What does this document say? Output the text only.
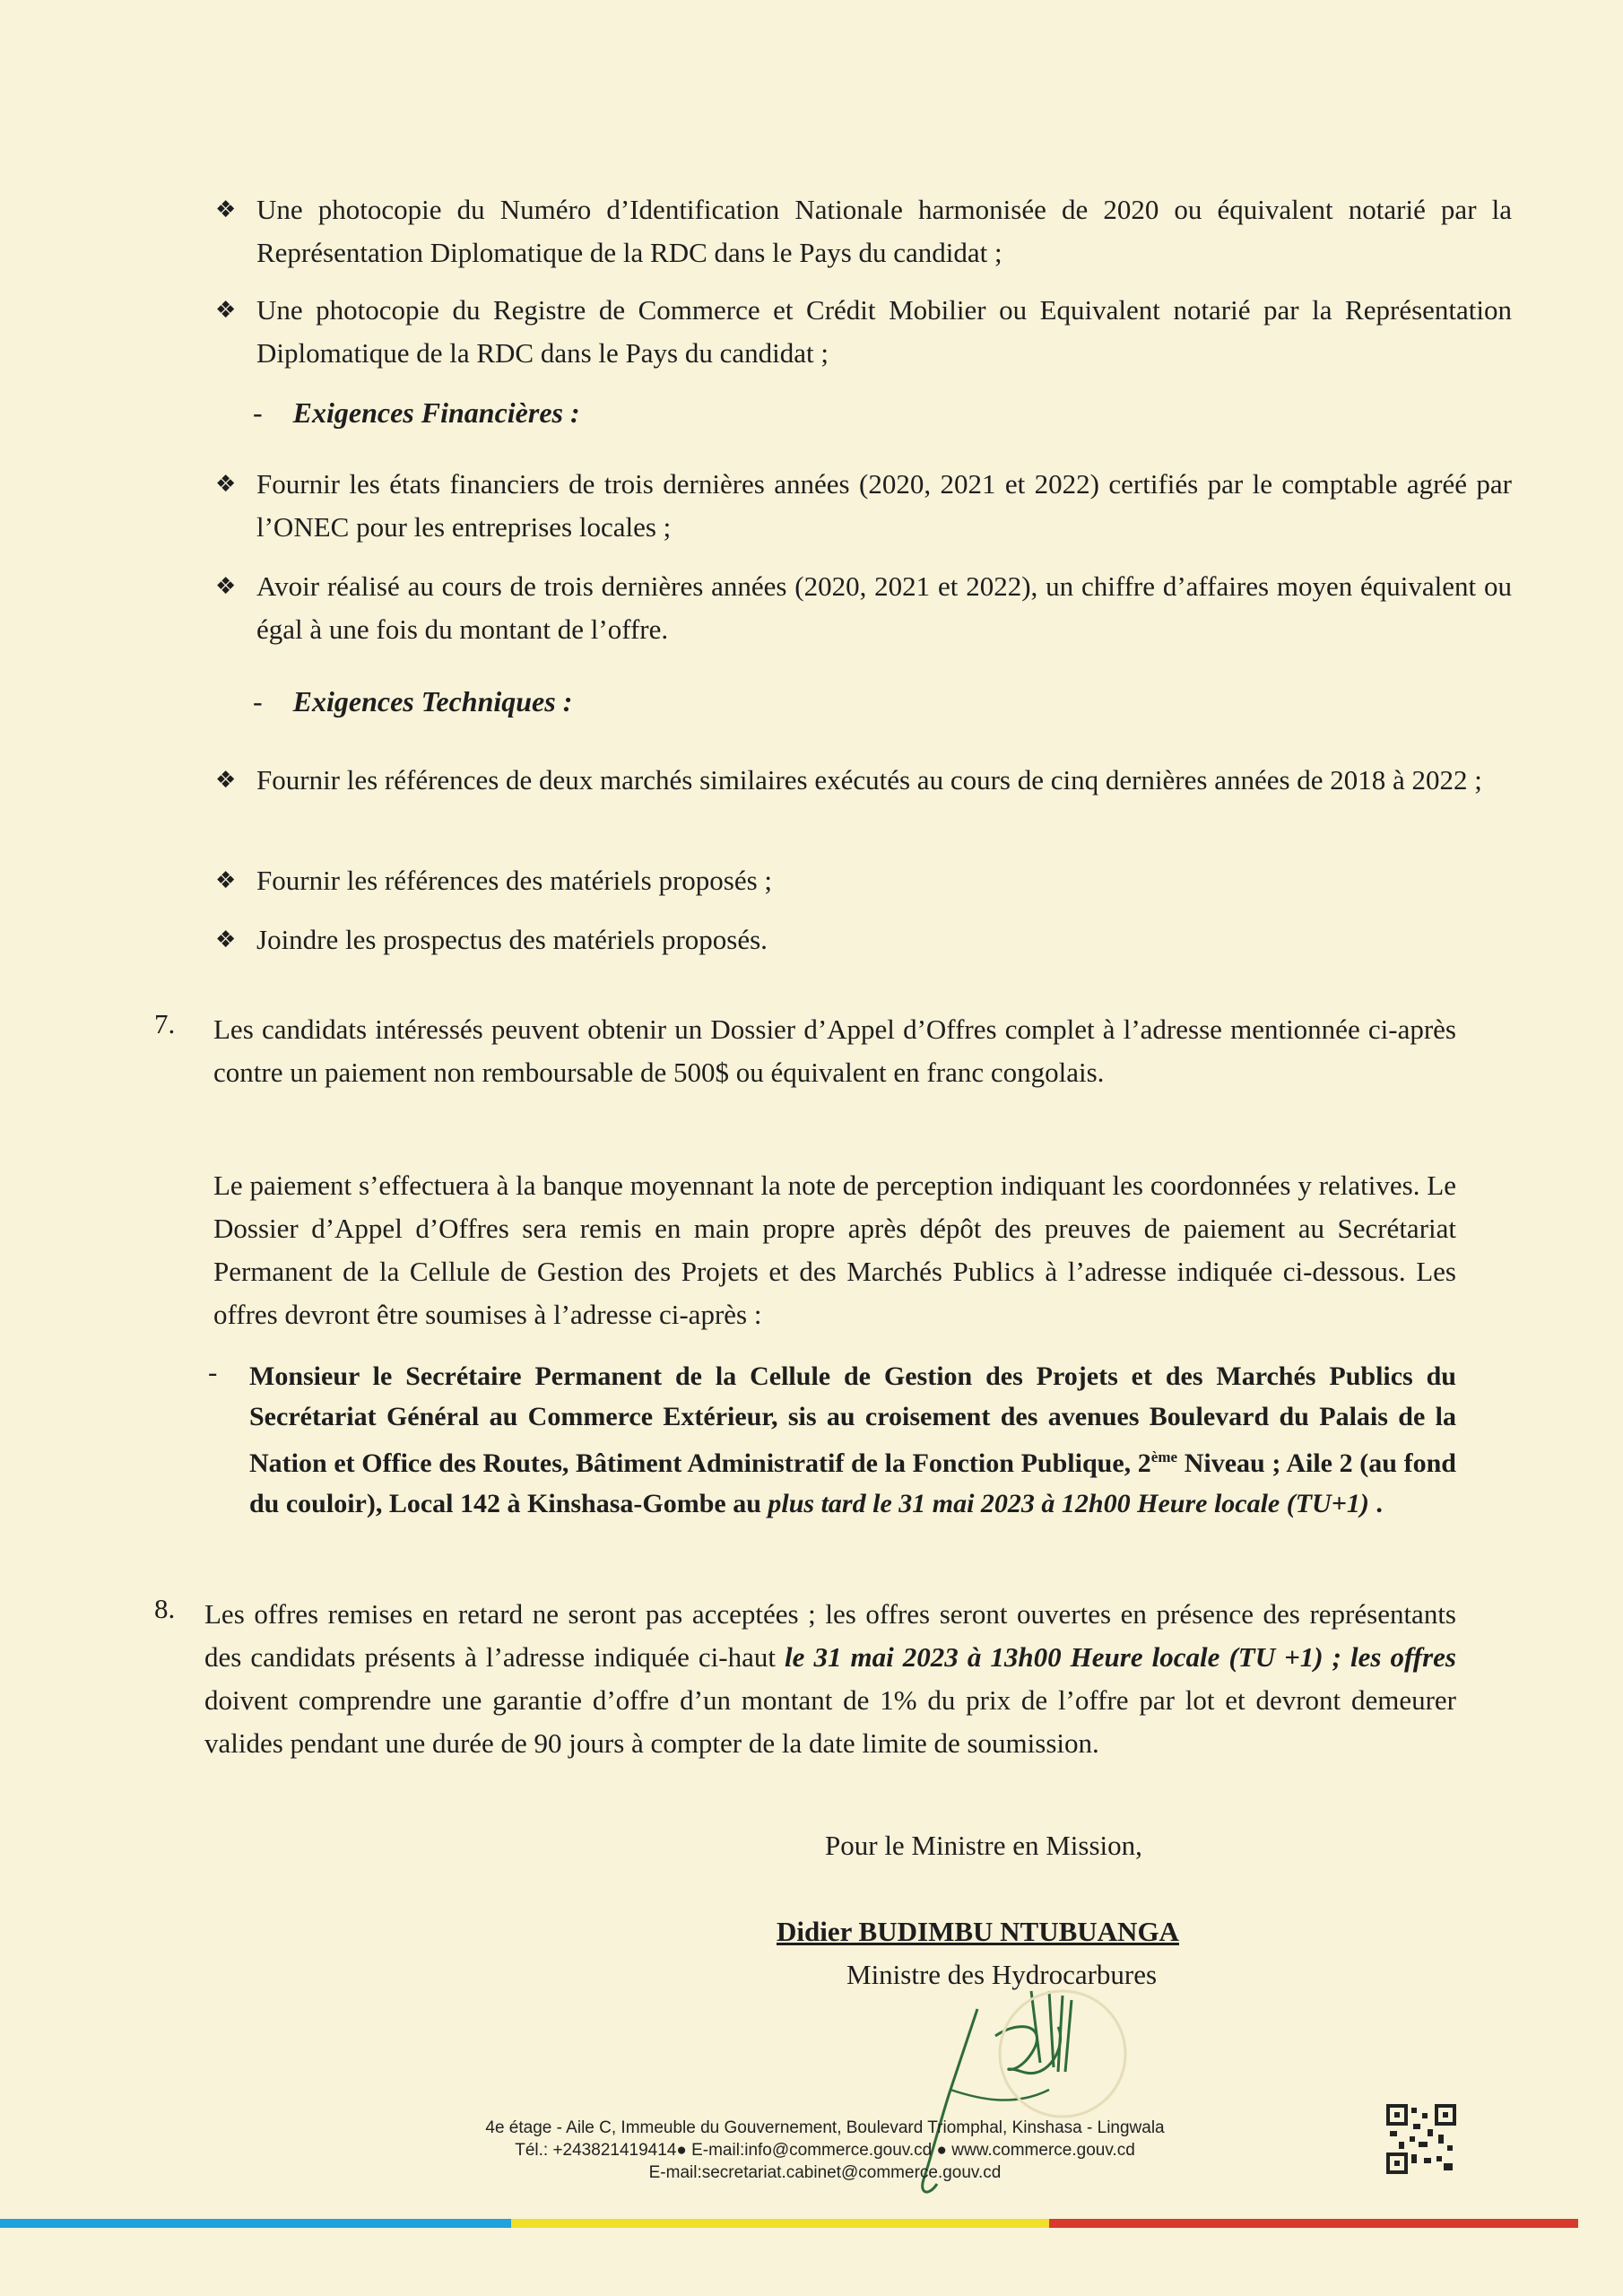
❖ Une photocopie du Numéro d’Identification Nationale harmonisée de 2020 ou équivalent notarié par la Représentation Diplomatique de la RDC dans le Pays du candidat ;
❖ Une photocopie du Registre de Commerce et Crédit Mobilier ou Equivalent notarié par la Représentation Diplomatique de la RDC dans le Pays du candidat ;
- Exigences Financières :
❖ Fournir les états financiers de trois dernières années (2020, 2021 et 2022) certifiés par le comptable agréé par l’ONEC pour les entreprises locales ;
❖ Avoir réalisé au cours de trois dernières années (2020, 2021 et 2022), un chiffre d’affaires moyen équivalent ou égal à une fois du montant de l’offre.
- Exigences Techniques :
❖ Fournir les références de deux marchés similaires exécutés au cours de cinq dernières années de 2018 à 2022 ;
❖ Fournir les références des matériels proposés ;
❖ Joindre les prospectus des matériels proposés.
7. Les candidats intéressés peuvent obtenir un Dossier d’Appel d’Offres complet à l’adresse mentionnée ci-après contre un paiement non remboursable de 500$ ou équivalent en franc congolais.
Le paiement s’effectuera à la banque moyennant la note de perception indiquant les coordonnées y relatives. Le Dossier d’Appel d’Offres sera remis en main propre après dépôt des preuves de paiement au Secrétariat Permanent de la Cellule de Gestion des Projets et des Marchés Publics à l’adresse indiquée ci-dessous. Les offres devront être soumises à l’adresse ci-après :
- Monsieur le Secrétaire Permanent de la Cellule de Gestion des Projets et des Marchés Publics du Secrétariat Général au Commerce Extérieur, sis au croisement des avenues Boulevard du Palais de la Nation et Office des Routes, Bâtiment Administratif de la Fonction Publique, 2ème Niveau ; Aile 2 (au fond du couloir), Local 142 à Kinshasa-Gombe au plus tard le 31 mai 2023 à 12h00 Heure locale (TU+1) .
8. Les offres remises en retard ne seront pas acceptées ; les offres seront ouvertes en présence des représentants des candidats présents à l’adresse indiquée ci-haut le 31 mai 2023 à 13h00 Heure locale (TU +1) ; les offres doivent comprendre une garantie d’offre d’un montant de 1% du prix de l’offre par lot et devront demeurer valides pendant une durée de 90 jours à compter de la date limite de soumission.
Pour le Ministre en Mission,
Didier BUDIMBU NTUBUANGA
Ministre des Hydrocarbures
4e étage - Aile C, Immeuble du Gouvernement, Boulevard Triomphal, Kinshasa - Lingwala
Tél.: +243821419414● E-mail:info@commerce.gouv.cd ● www.commerce.gouv.cd
E-mail:secretariat.cabinet@commerce.gouv.cd
